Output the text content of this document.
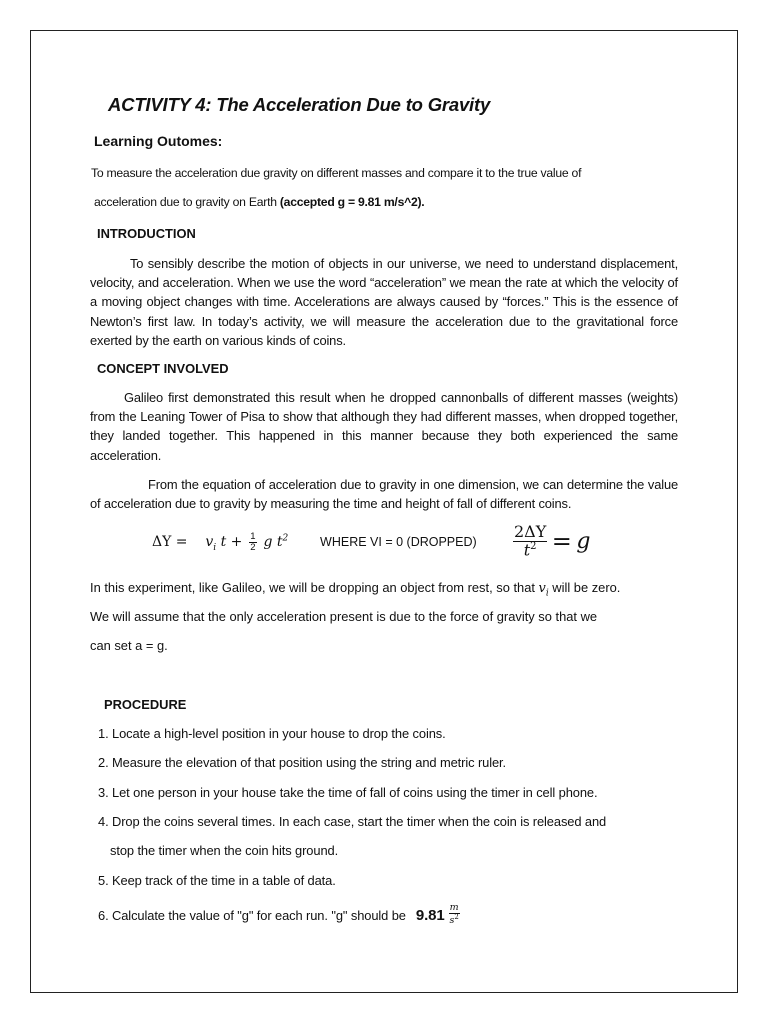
ACTIVITY 4: The Acceleration Due to Gravity
Learning Outomes:
To measure the acceleration due gravity on different masses and compare it to the true value of
acceleration due to gravity on Earth (accepted g = 9.81 m/s^2).
INTRODUCTION
To sensibly describe the motion of objects in our universe, we need to understand displacement, velocity, and acceleration. When we use the word “acceleration” we mean the rate at which the velocity of a moving object changes with time. Accelerations are always caused by “forces.” This is the essence of Newton’s first law. In today’s activity, we will measure the acceleration due to the gravitational force exerted by the earth on various kinds of coins.
CONCEPT INVOLVED
Galileo first demonstrated this result when he dropped cannonballs of different masses (weights) from the Leaning Tower of Pisa to show that although they had different masses, when dropped together, they landed together. This happened in this manner because they both experienced the same acceleration.
From the equation of acceleration due to gravity in one dimension, we can determine the value of acceleration due to gravity by measuring the time and height of fall of different coins.
$\Delta Y = v_i$ $t + \frac{1}{2}$ g $t^2$	WHERE VI = 0 (DROPPED) $\frac{2\Delta Y}{t^2} = g$
In this experiment, like Galileo, we will be dropping an object from rest, so that $v_i$ will be zero.
We will assume that the only acceleration present is due to the force of gravity so that we
can set a = g.
PROCEDURE
1. Locate a high-level position in your house to drop the coins.
2. Measure the elevation of that position using the string and metric ruler.
3. Let one person in your house take the time of fall of coins using the timer in cell phone.
4. Drop the coins several times. In each case, start the timer when the coin is released and
stop the timer when the coin hits ground.
5. Keep track of the time in a table of data.
6. Calculate the value of "g" for each run. "g" should be $9.81 \frac{m}{s^2}$
